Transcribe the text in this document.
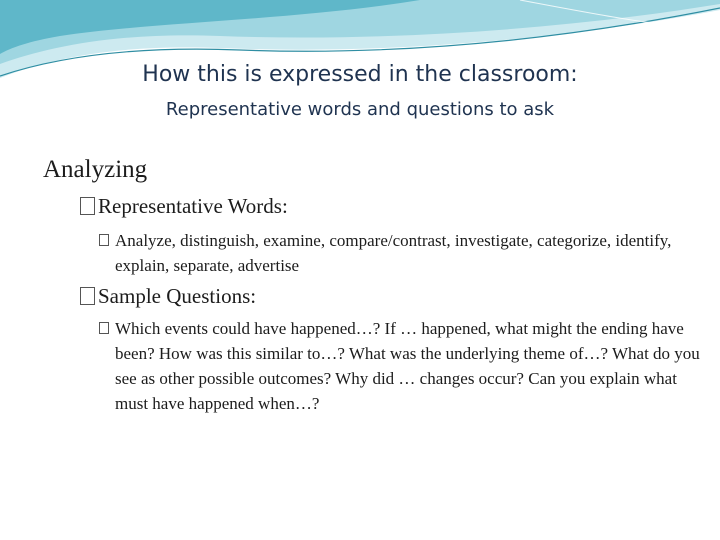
How this is expressed in the classroom:
Representative words and questions to ask
Analyzing
Representative Words:
Analyze, distinguish, examine, compare/contrast, investigate, categorize, identify, explain, separate, advertise
Sample Questions:
Which events could have happened…? If … happened, what might the ending have been? How was this similar to…? What was the underlying theme of…? What do you see as other possible outcomes? Why did … changes occur? Can you explain what must have happened when…?
